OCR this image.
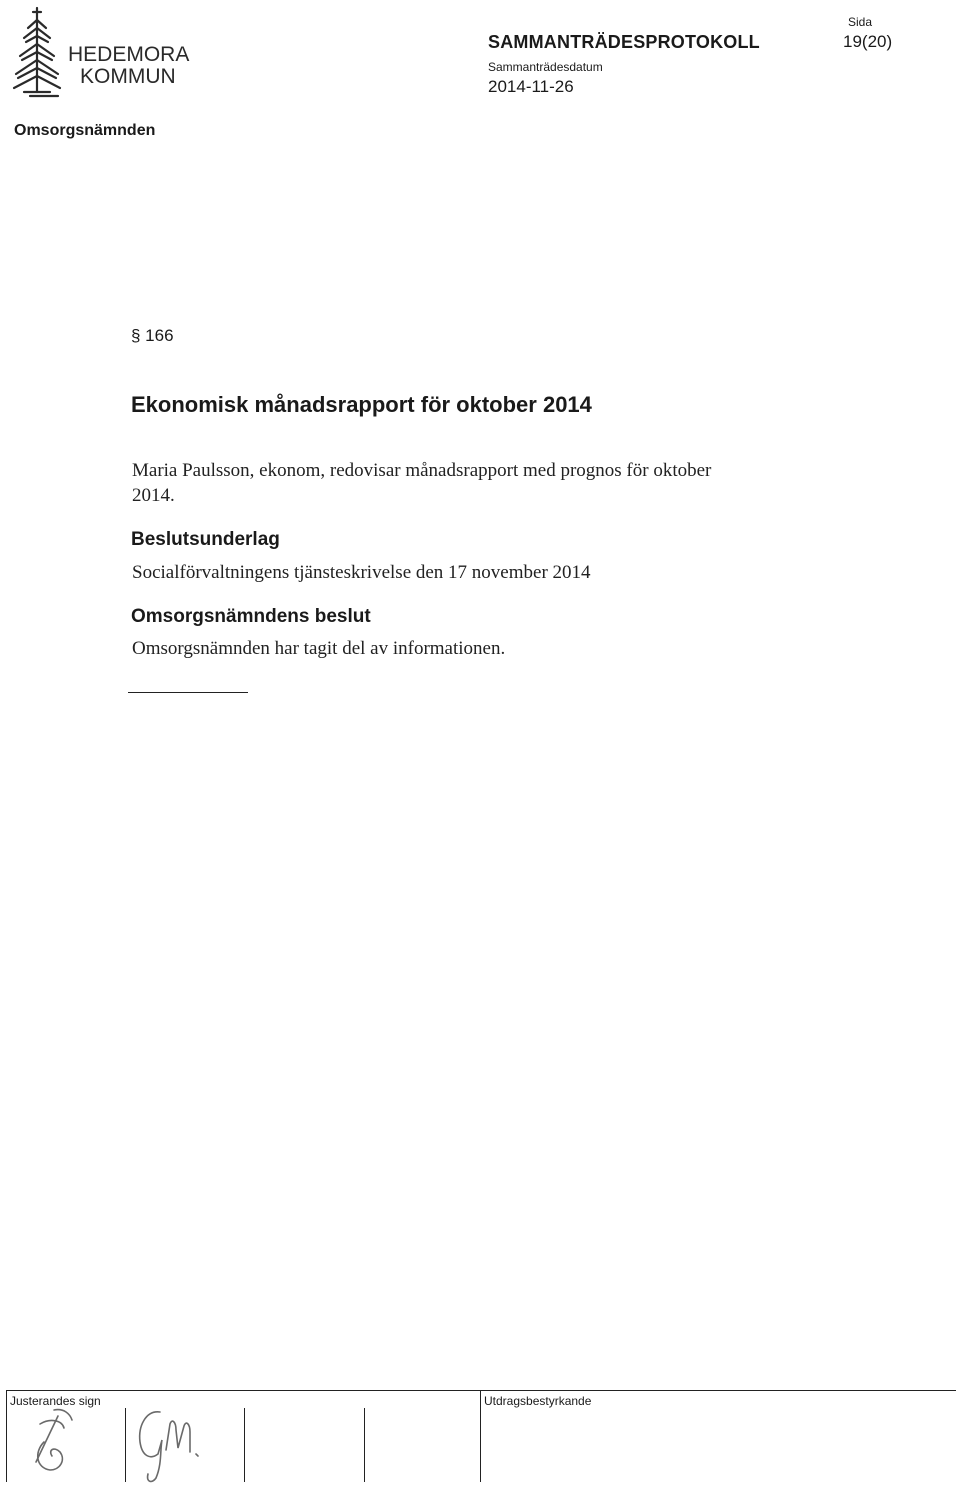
HEDEMORA
KOMMUN
SAMMANTRÄDESPROTOKOLL
Sammanträdesdatum
2014-11-26
Sida
19(20)
Omsorgsnämnden
§ 166
Ekonomisk månadsrapport för oktober 2014
Maria Paulsson, ekonom, redovisar månadsrapport med prognos för oktober
2014.
Beslutsunderlag
Socialförvaltningens tjänsteskrivelse den 17 november 2014
Omsorgsnämndens beslut
Omsorgsnämnden har tagit del av informationen.
Justerandes sign	Utdragsbestyrkande
